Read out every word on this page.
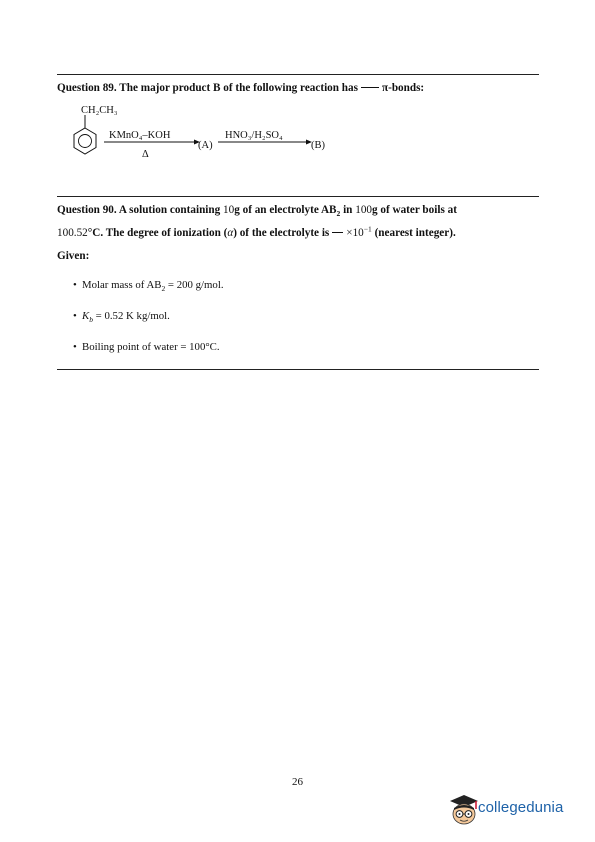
Question 89. The major product B of the following reaction has π-bonds:
CH₂CH₃
KMnO₄–KOH
Δ
(A)
HNO₃/H₂SO₄
(B)
Question 90. A solution containing 10g of an electrolyte $AB_2$ in 100g of water boils at
100.52°C. The degree of ionization (α) of the electrolyte is $\times 10^{-1}$ (nearest integer).
Given:
• Molar mass of $AB_2 = 200$ g/mol.
• $K_b = 0.52$ K kg/mol.
• Boiling point of water = 100°C.
26
collegedunia
